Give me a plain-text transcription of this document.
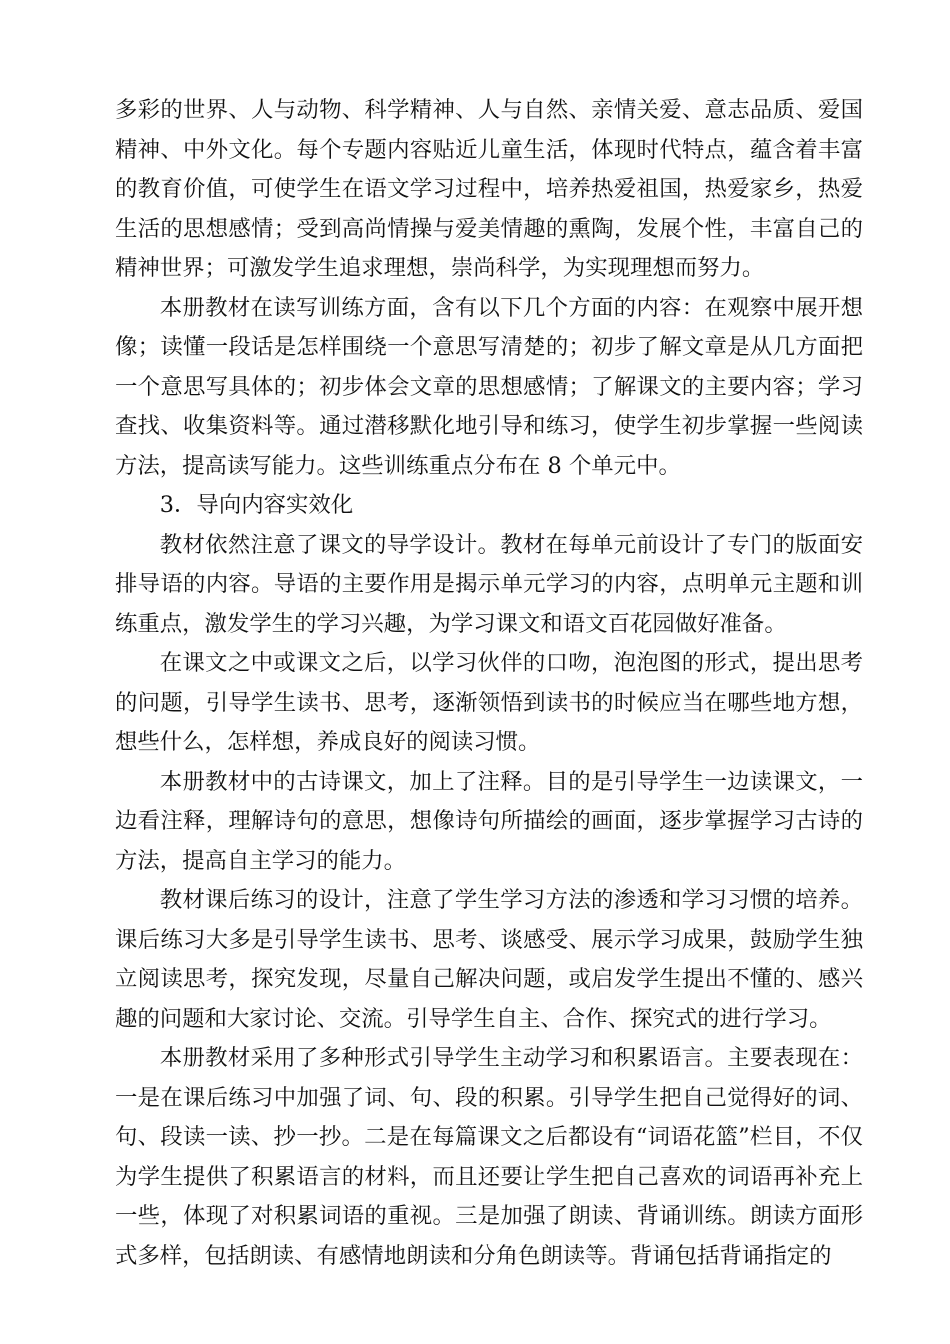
多彩的世界、人与动物、科学精神、人与自然、亲情关爱、意志品质、爱国精神、中外文化。每个专题内容贴近儿童生活，体现时代特点，蕴含着丰富的教育价值，可使学生在语文学习过程中，培养热爱祖国，热爱家乡，热爱生活的思想感情；受到高尚情操与爱美情趣的熏陶，发展个性，丰富自己的精神世界；可激发学生追求理想，崇尚科学，为实现理想而努力。

本册教材在读写训练方面，含有以下几个方面的内容：在观察中展开想像；读懂一段话是怎样围绕一个意思写清楚的；初步了解文章是从几方面把一个意思写具体的；初步体会文章的思想感情；了解课文的主要内容；学习查找、收集资料等。通过潜移默化地引导和练习，使学生初步掌握一些阅读方法，提高读写能力。这些训练重点分布在 8 个单元中。

3．导向内容实效化

教材依然注意了课文的导学设计。教材在每单元前设计了专门的版面安排导语的内容。导语的主要作用是揭示单元学习的内容，点明单元主题和训练重点，激发学生的学习兴趣，为学习课文和语文百花园做好准备。

在课文之中或课文之后，以学习伙伴的口吻，泡泡图的形式，提出思考的问题，引导学生读书、思考，逐渐领悟到读书的时候应当在哪些地方想，想些什么，怎样想，养成良好的阅读习惯。

本册教材中的古诗课文，加上了注释。目的是引导学生一边读课文，一边看注释，理解诗句的意思，想像诗句所描绘的画面，逐步掌握学习古诗的方法，提高自主学习的能力。

教材课后练习的设计，注意了学生学习方法的渗透和学习习惯的培养。课后练习大多是引导学生读书、思考、谈感受、展示学习成果，鼓励学生独立阅读思考，探究发现，尽量自己解决问题，或启发学生提出不懂的、感兴趣的问题和大家讨论、交流。引导学生自主、合作、探究式的进行学习。

本册教材采用了多种形式引导学生主动学习和积累语言。主要表现在：一是在课后练习中加强了词、句、段的积累。引导学生把自己觉得好的词、句、段读一读、抄一抄。二是在每篇课文之后都设有“词语花篮”栏目，不仅为学生提供了积累语言的材料，而且还要让学生把自己喜欢的词语再补充上一些，体现了对积累词语的重视。三是加强了朗读、背诵训练。朗读方面形式多样，包括朗读、有感情地朗读和分角色朗读等。背诵包括背诵指定的
